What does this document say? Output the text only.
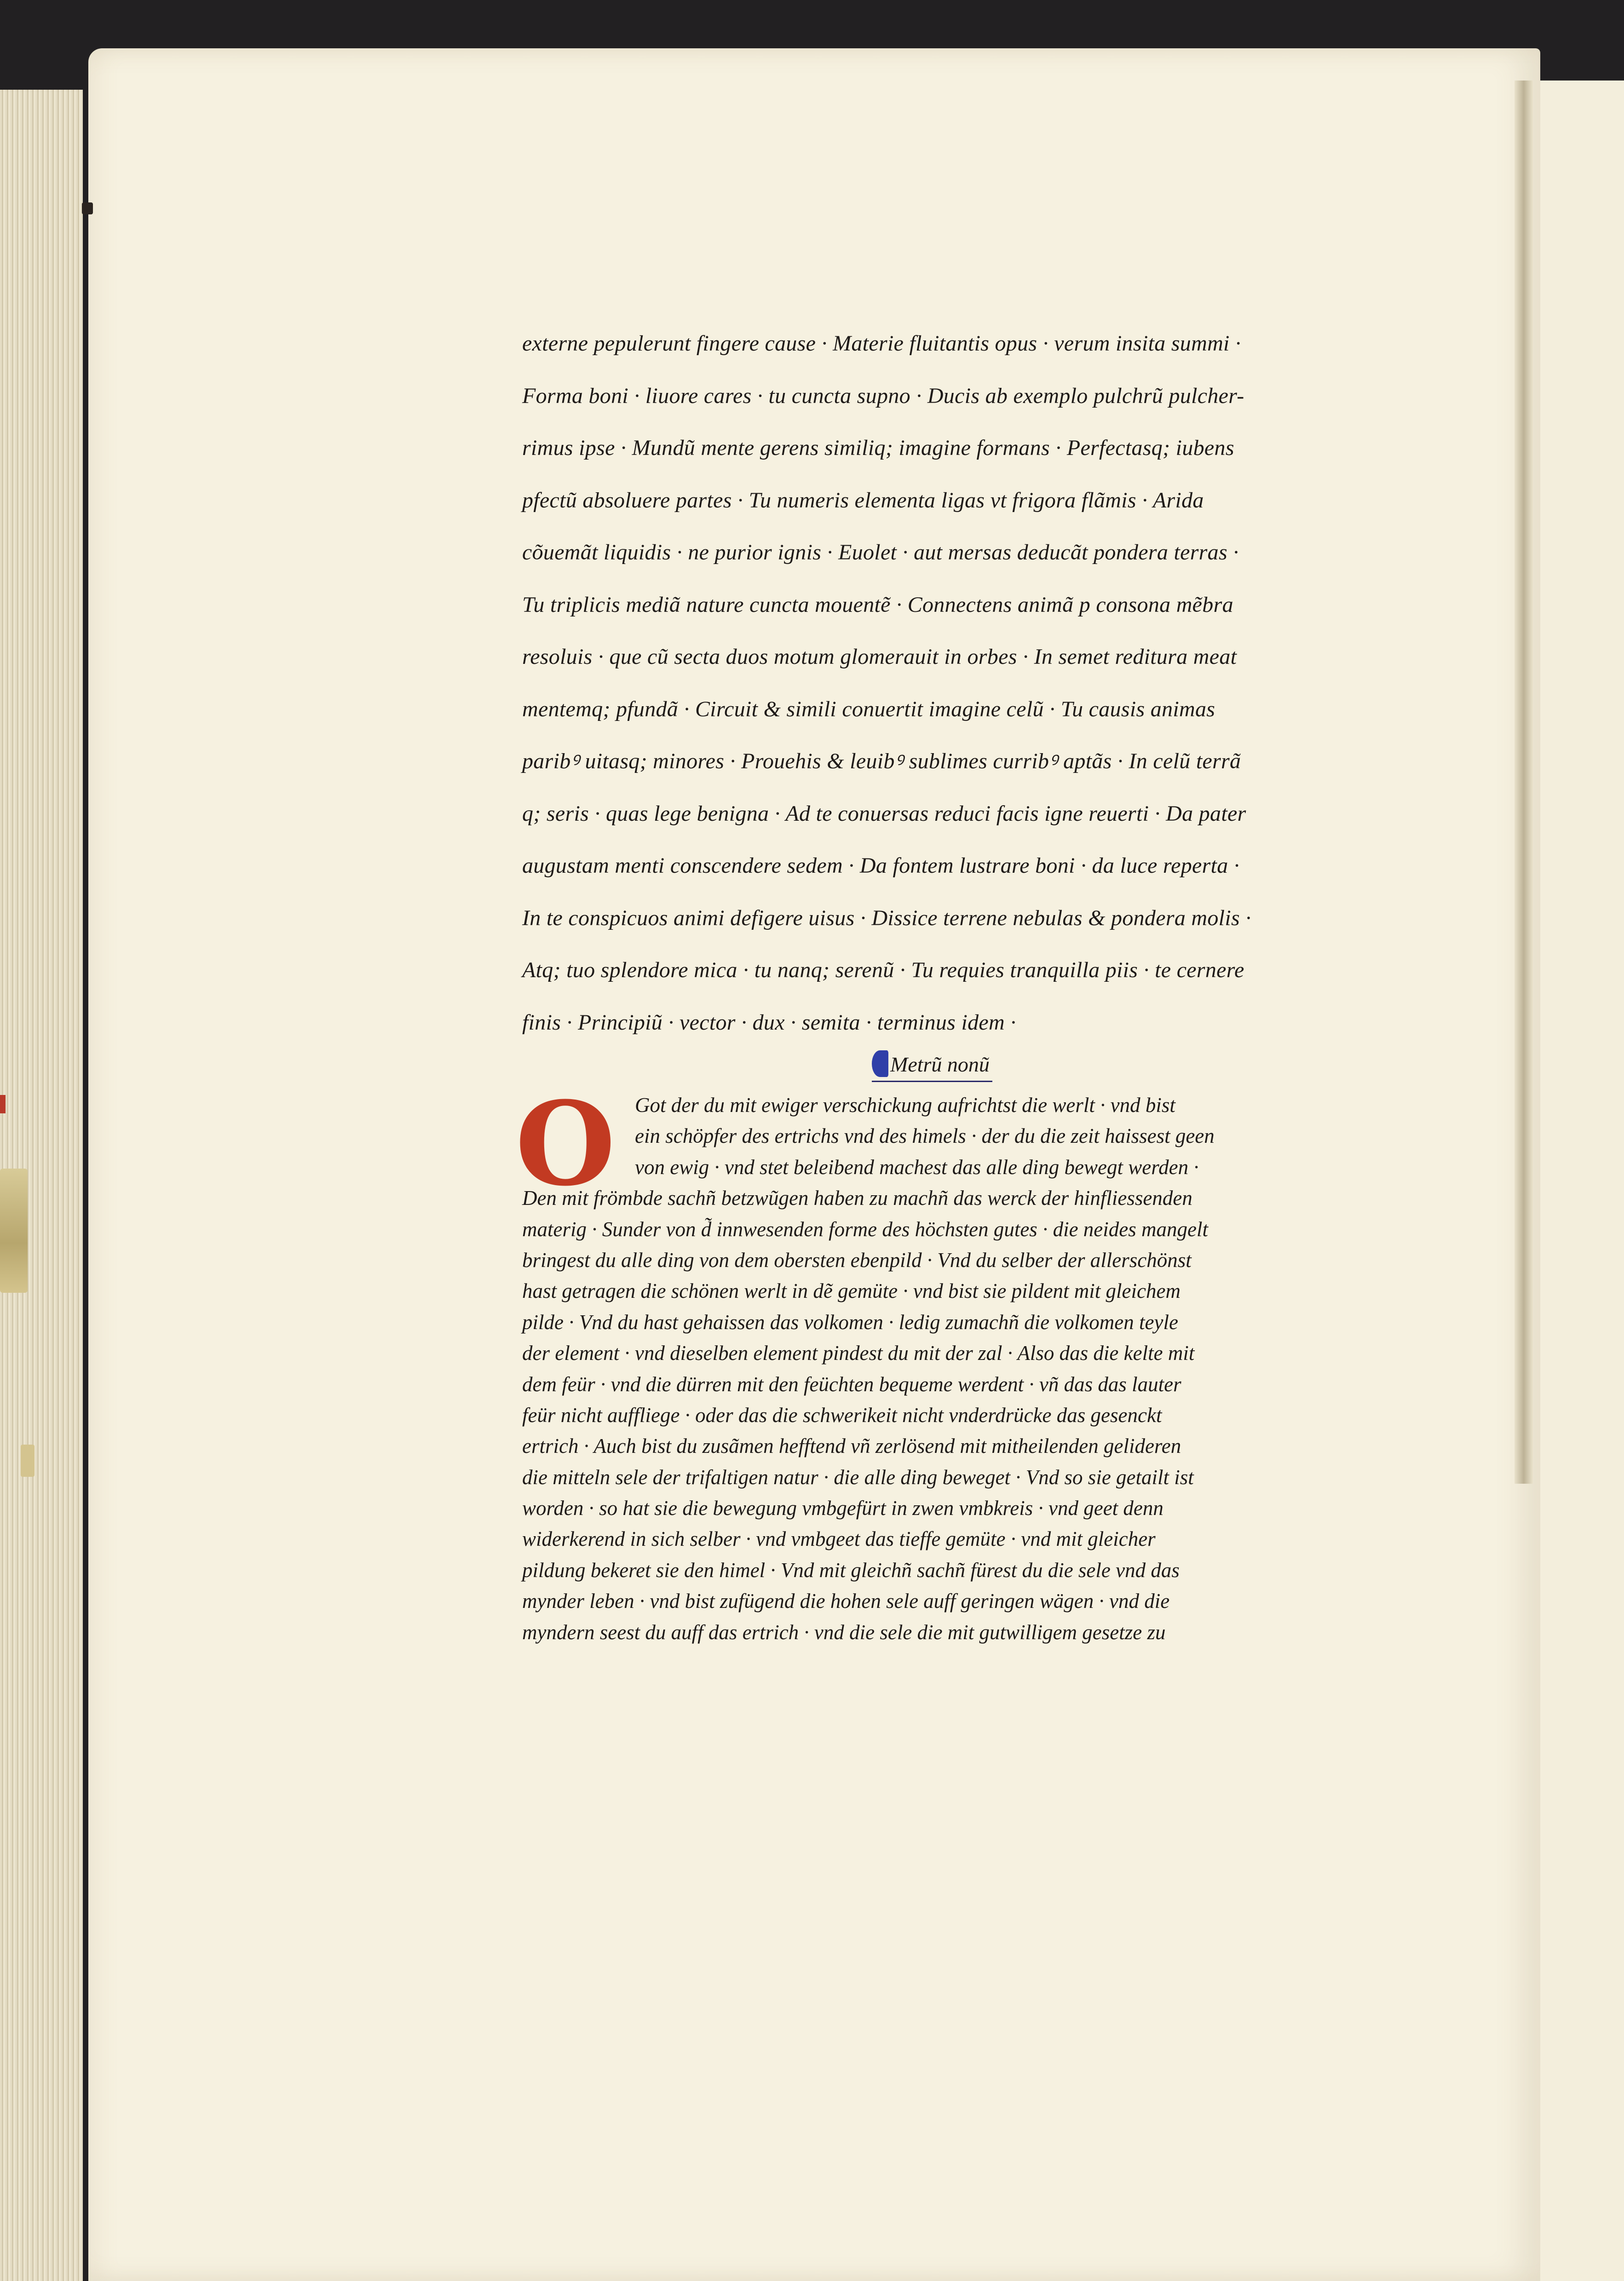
externe pepulerunt fingere cause · Materie fluitantis opus · verum insita summi ·
Forma boni · liuore cares · tu cuncta supno · Ducis ab exemplo pulchrũ pulcher-
rimus ipse · Mundũ mente gerens similiq; imagine formans · Perfectasq; iubens
pfectũ absoluere partes · Tu numeris elementa ligas vt frigora flãmis · Arida
cõuemãt liquidis · ne purior ignis · Euolet · aut mersas deducãt pondera terras ·
Tu triplicis mediã nature cuncta mouentẽ · Connectens animã p consona mẽbra
resoluis · que cũ secta duos motum glomerauit in orbes · In semet reditura meat
mentemq; pfundã · Circuit & simili conuertit imagine celũ · Tu causis animas
paribꝰ uitasq; minores · Prouehis & leuibꝰ sublimes curribꝰ aptãs · In celũ terrã
q; seris · quas lege benigna · Ad te conuersas reduci facis igne reuerti · Da pater
augustam menti conscendere sedem · Da fontem lustrare boni · da luce reperta ·
In te conspicuos animi defigere uisus · Dissice terrene nebulas & pondera molis ·
Atq; tuo splendore mica · tu nanq; serenũ · Tu requies tranquilla piis · te cernere
finis · Principiũ · vector · dux · semita · terminus idem ·
Metrũ nonũ
O Got der du mit ewiger verschickung aufrichtst die werlt · vnd bist
ein schöpfer des ertrichs vnd des himels · der du die zeit haissest geen
von ewig · vnd stet beleibend machest das alle ding bewegt werden ·
Den mit frömbde sachñ betzwũgen haben zu machñ das werck der hinfliessenden
materig · Sunder von d̃ innwesenden forme des höchsten gutes · die neides mangelt
bringest du alle ding von dem obersten ebenpild · Vnd du selber der allerschönst
hast getragen die schönen werlt in dẽ gemüte · vnd bist sie pildent mit gleichem
pilde · Vnd du hast gehaissen das volkomen · ledig zumachñ die volkomen teyle
der element · vnd dieselben element pindest du mit der zal · Also das die kelte mit
dem feür · vnd die dürren mit den feüchten bequeme werdent · vñ das das lauter
feür nicht auffliege · oder das die schwerikeit nicht vnderdrücke das gesenckt
ertrich · Auch bist du zusãmen hefftend vñ zerlösend mit mitheilenden gelideren
die mitteln sele der trifaltigen natur · die alle ding beweget · Vnd so sie getailt ist
worden · so hat sie die bewegung vmbgefürt in zwen vmbkreis · vnd geet denn
widerkerend in sich selber · vnd vmbgeet das tieffe gemüte · vnd mit gleicher
pildung bekeret sie den himel · Vnd mit gleichñ sachñ fürest du die sele vnd das
mynder leben · vnd bist zufügend die hohen sele auff geringen wägen · vnd die
myndern seest du auff das ertrich · vnd die sele die mit gutwilligem gesetze zu
